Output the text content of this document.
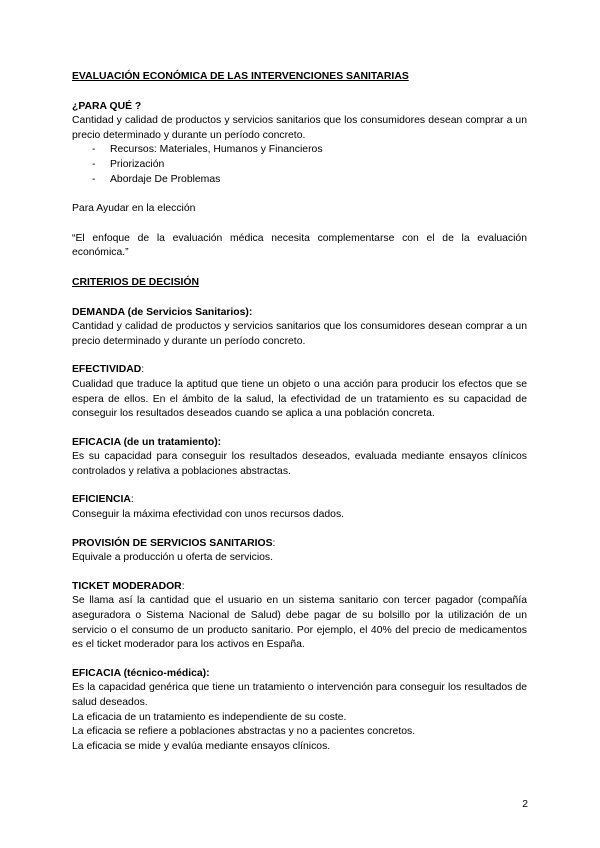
EVALUACIÓN ECONÓMICA DE LAS INTERVENCIONES SANITARIAS

¿PARA QUÉ ?

Cantidad y calidad de productos y servicios sanitarios que los consumidores desean comprar a un precio determinado y durante un período concreto.

- Recursos: Materiales, Humanos y Financieros
- Priorización
- Abordaje De Problemas

Para Ayudar en la elección

“El enfoque de la evaluación médica necesita complementarse con el de la evaluación económica.”

CRITERIOS DE DECISIÓN

DEMANDA (de Servicios Sanitarios):

Cantidad y calidad de productos y servicios sanitarios que los consumidores desean comprar a un precio determinado y durante un período concreto.

EFECTIVIDAD:

Cualidad que traduce la aptitud que tiene un objeto o una acción para producir los efectos que se espera de ellos. En el ámbito de la salud, la efectividad de un tratamiento es su capacidad de conseguir los resultados deseados cuando se aplica a una población concreta.

EFICACIA (de un tratamiento):

Es su capacidad para conseguir los resultados deseados, evaluada mediante ensayos clínicos controlados y relativa a poblaciones abstractas.

EFICIENCIA:

Conseguir la máxima efectividad con unos recursos dados.

PROVISIÓN DE SERVICIOS SANITARIOS:

Equivale a producción u oferta de servicios.

TICKET MODERADOR:

Se llama así la cantidad que el usuario en un sistema sanitario con tercer pagador (compañía aseguradora o Sistema Nacional de Salud) debe pagar de su bolsillo por la utilización de un servicio o el consumo de un producto sanitario. Por ejemplo, el 40% del precio de medicamentos es el ticket moderador para los activos en España.

EFICACIA (técnico-médica):

Es la capacidad genérica que tiene un tratamiento o intervención para conseguir los resultados de salud deseados.

La eficacia de un tratamiento es independiente de su coste.

La eficacia se refiere a poblaciones abstractas y no a pacientes concretos.

La eficacia se mide y evalúa mediante ensayos clínicos.

2
